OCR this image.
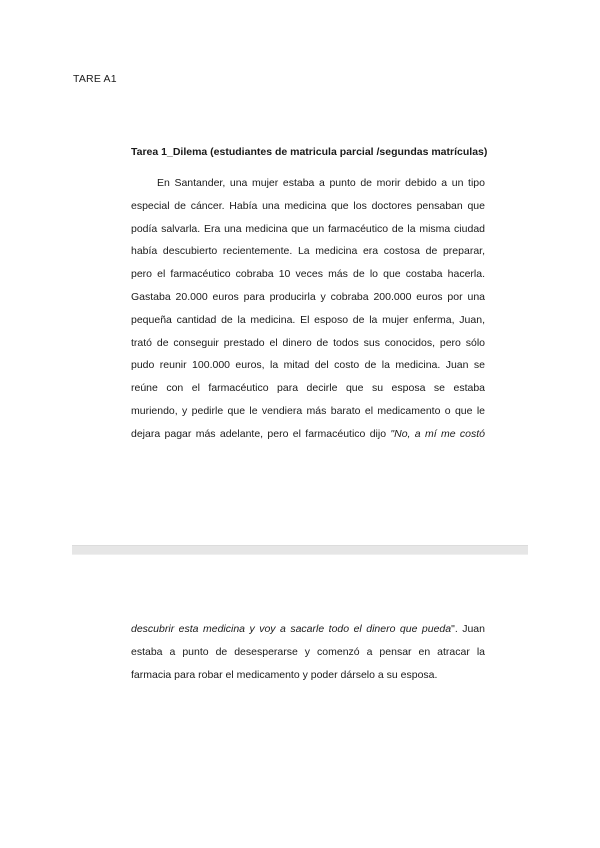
TARE A1
Tarea 1_Dilema (estudiantes de matricula parcial /segundas matrículas)
En Santander, una mujer estaba a punto de morir debido a un tipo
especial de cáncer. Había una medicina que los doctores pensaban que
podía salvarla. Era una medicina que un farmacéutico de la misma ciudad
había descubierto recientemente. La medicina era costosa de preparar,
pero el farmacéutico cobraba 10 veces más de lo que costaba hacerla.
Gastaba 20.000 euros para producirla y cobraba 200.000 euros por una
pequeña cantidad de la medicina. El esposo de la mujer enferma, Juan,
trató de conseguir prestado el dinero de todos sus conocidos, pero sólo
pudo reunir 100.000 euros, la mitad del costo de la medicina. Juan se
reúne con el farmacéutico para decirle que su esposa se estaba
muriendo, y pedirle que le vendiera más barato el medicamento o que le
dejara pagar más adelante, pero el farmacéutico dijo "No, a mí me costó
descubrir esta medicina y voy a sacarle todo el dinero que pueda". Juan
estaba a punto de desesperarse y comenzó a pensar en atracar la
farmacia para robar el medicamento y poder dárselo a su esposa.
